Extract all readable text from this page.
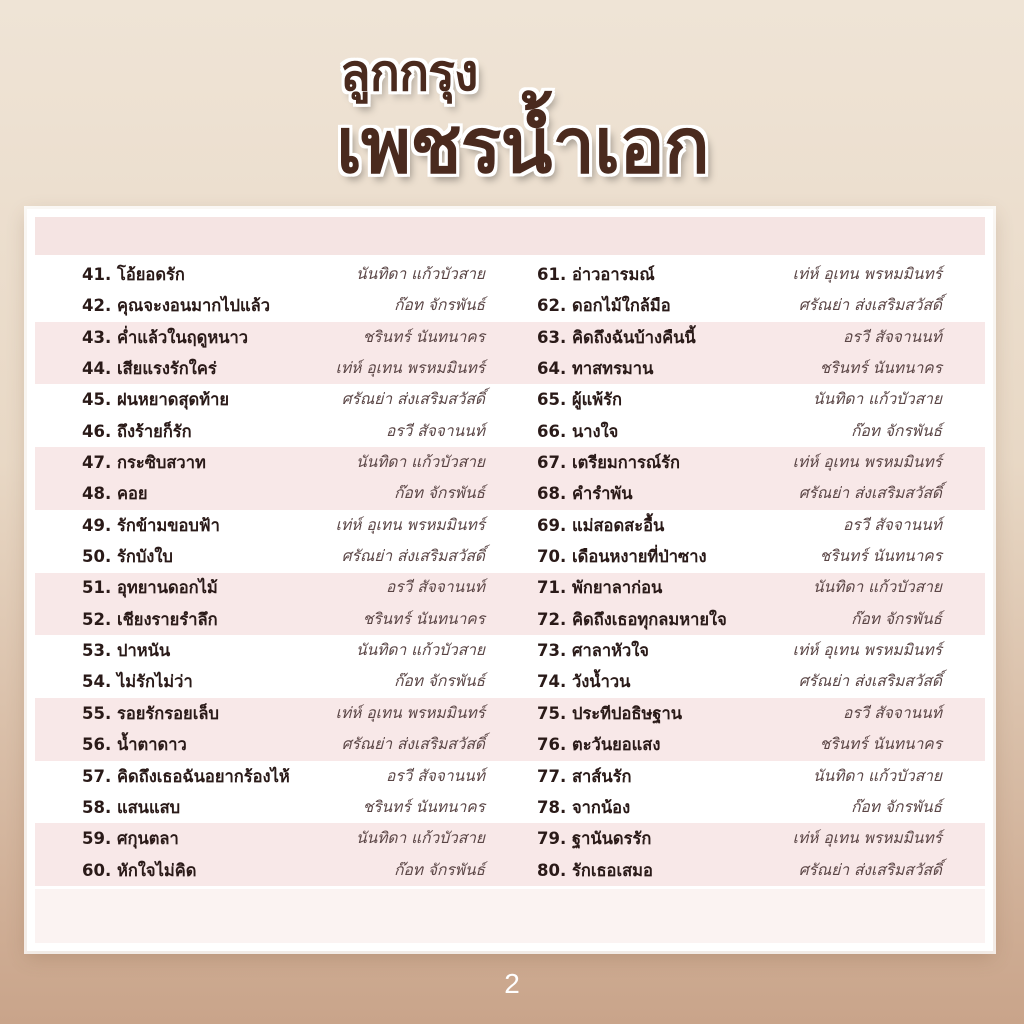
ลูกกรุง
เพชรน้ำเอก
41. โอ้ยอดรัก	นันทิดา แก้วบัวสาย
42. คุณจะงอนมากไปแล้ว	ก๊อท จักรพันธ์
43. ค่ำแล้วในฤดูหนาว	ชรินทร์ นันทนาคร
44. เสียแรงรักใคร่	เท่ห์ อุเทน พรหมมินทร์
45. ฝนหยาดสุดท้าย	ศรัณย่า ส่งเสริมสวัสดิ์
46. ถึงร้ายก็รัก	อรวี สัจจานนท์
47. กระซิบสวาท	นันทิดา แก้วบัวสาย
48. คอย	ก๊อท จักรพันธ์
49. รักข้ามขอบฟ้า	เท่ห์ อุเทน พรหมมินทร์
50. รักบังใบ	ศรัณย่า ส่งเสริมสวัสดิ์
51. อุทยานดอกไม้	อรวี สัจจานนท์
52. เชียงรายรำลึก	ชรินทร์ นันทนาคร
53. ปาหนัน	นันทิดา แก้วบัวสาย
54. ไม่รักไม่ว่า	ก๊อท จักรพันธ์
55. รอยรักรอยเล็บ	เท่ห์ อุเทน พรหมมินทร์
56. น้ำตาดาว	ศรัณย่า ส่งเสริมสวัสดิ์
57. คิดถึงเธอฉันอยากร้องไห้	อรวี สัจจานนท์
58. แสนแสบ	ชรินทร์ นันทนาคร
59. ศกุนตลา	นันทิดา แก้วบัวสาย
60. หักใจไม่คิด	ก๊อท จักรพันธ์
61. อ่าวอารมณ์	เท่ห์ อุเทน พรหมมินทร์
62. ดอกไม้ใกล้มือ	ศรัณย่า ส่งเสริมสวัสดิ์
63. คิดถึงฉันบ้างคืนนี้	อรวี สัจจานนท์
64. ทาสทรมาน	ชรินทร์ นันทนาคร
65. ผู้แพ้รัก	นันทิดา แก้วบัวสาย
66. นางใจ	ก๊อท จักรพันธ์
67. เตรียมการณ์รัก	เท่ห์ อุเทน พรหมมินทร์
68. คำรำพัน	ศรัณย่า ส่งเสริมสวัสดิ์
69. แม่สอดสะอื้น	อรวี สัจจานนท์
70. เดือนหงายที่ป่าซาง	ชรินทร์ นันทนาคร
71. พักยาลาก่อน	นันทิดา แก้วบัวสาย
72. คิดถึงเธอทุกลมหายใจ	ก๊อท จักรพันธ์
73. ศาลาหัวใจ	เท่ห์ อุเทน พรหมมินทร์
74. วังน้ำวน	ศรัณย่า ส่งเสริมสวัสดิ์
75. ประทีปอธิษฐาน	อรวี สัจจานนท์
76. ตะวันยอแสง	ชรินทร์ นันทนาคร
77. สาส์นรัก	นันทิดา แก้วบัวสาย
78. จากน้อง	ก๊อท จักรพันธ์
79. ฐานันดรรัก	เท่ห์ อุเทน พรหมมินทร์
80. รักเธอเสมอ	ศรัณย่า ส่งเสริมสวัสดิ์
2
